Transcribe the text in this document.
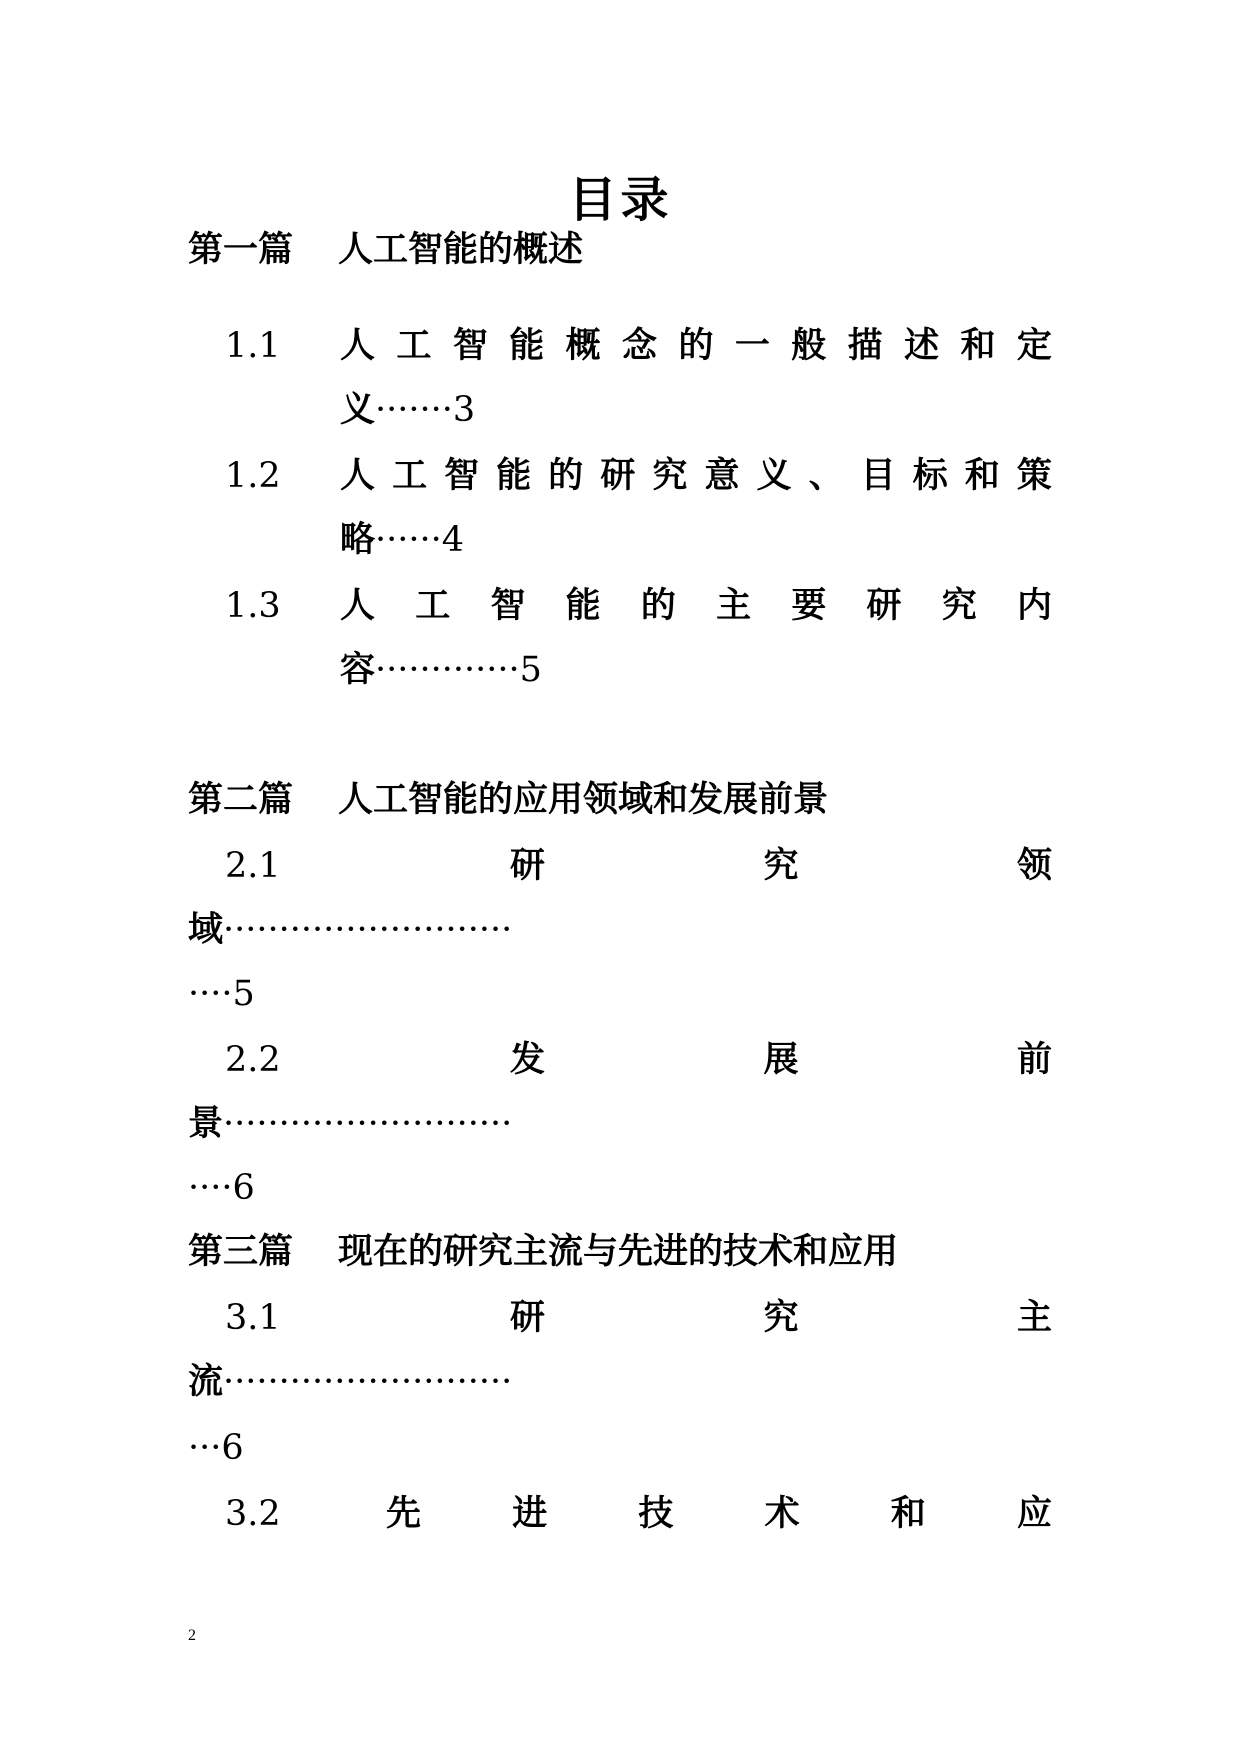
目录
第一篇 人工智能的概述
1.1 人 工 智 能 概 念 的 一 般 描 述 和 定
义·······3
1.2 人 工 智 能 的 研 究 意 义 、 目 标 和 策
略······4
1.3 人 工 智 能 的 主 要 研 究 内
容·············5
第二篇 人工智能的应用领域和发展前景
2.1	研	究	领
域 ··························
····5
2.2	发	展	前
景 ··························
····6
第三篇 现在的研究主流与先进的技术和应用
3.1	研	究	主
流 ··························
···6
3.2	先	进	技	术	和	应
2
